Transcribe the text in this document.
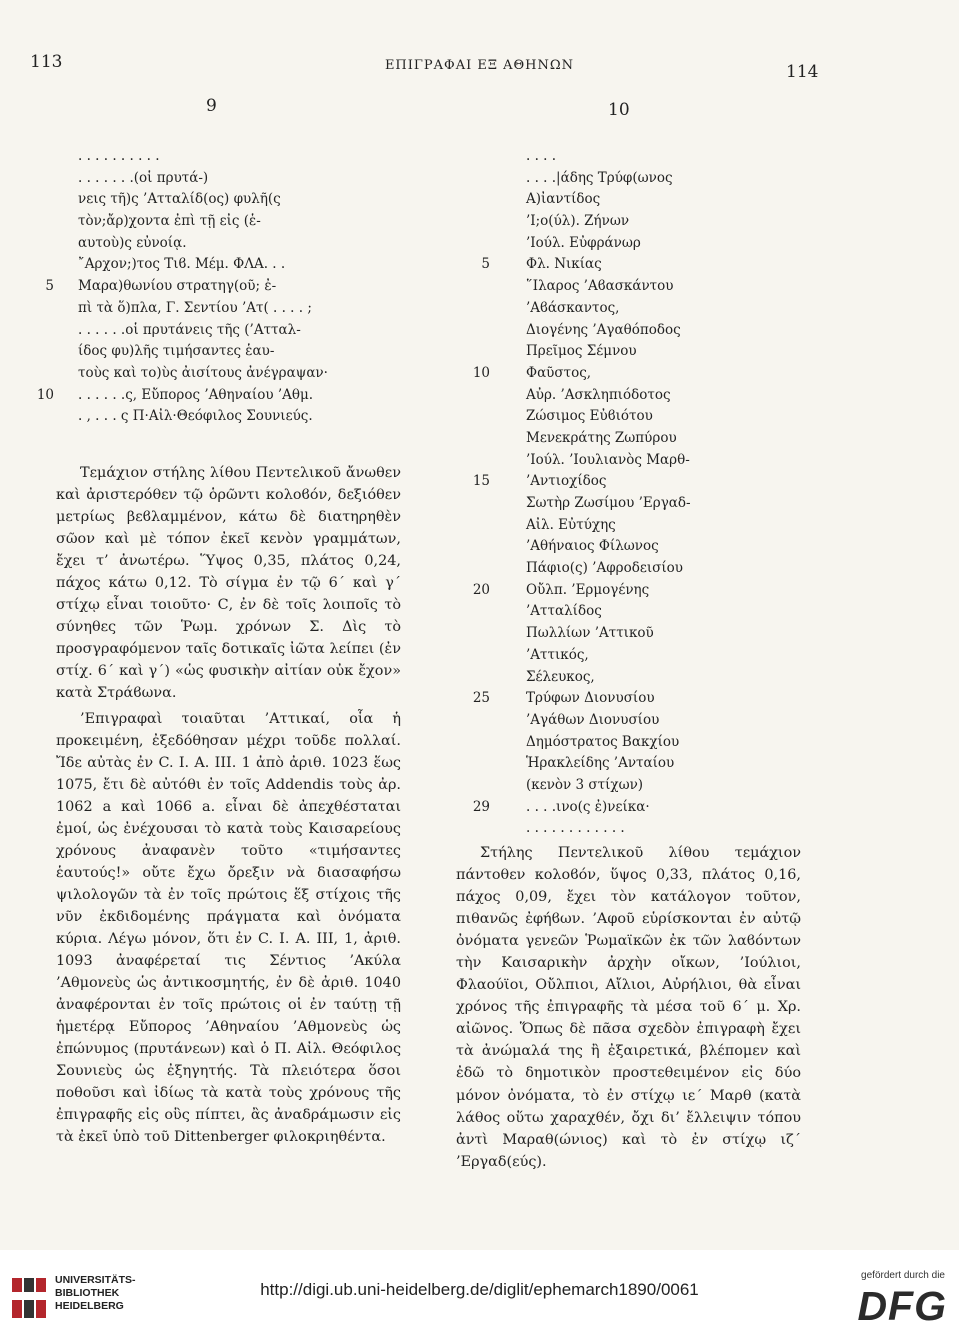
113	ΕΠΙΓΡΑΦΑΙ ΕΞ ΑΘΗΝΩΝ	114
9	10
. . . . . . . . . .
. . . . . . .(οἱ πρυτά-)
νεις τῆ)ς ’Ατταλίδ(ος) φυλῆ(ς
τὸν;ἄρ)χοντα ἐπὶ τῇ εἰς (ἑ-
αυτοὺ)ς εὐνοίᾳ.
῎Αρχον;)τος Τιϐ. Μέμ. ΦΛΑ. . .
5 Μαρα)θωνίου στρατηγ(οῦ; ἐ-
πὶ τὰ ὅ)πλα, Γ. Σεντίου ’Ατ( . . . . ;
. . . . . .οἱ πρυτάνεις τῆς (’Ατταλ-
ίδος φυ)λῆς τιμήσαντες ἑαυ-
τοὺς καὶ το)ὺς ἀισίτους ἀνέγραψαν·
10 . . . . . .ς, Εὔπορος ’Αθηναίου ’Αθμ.
. , . . . ς Π·Αἰλ·Θεόφιλος Σουνιεύς.
. . . .
. . . .|άδης Τρύφ(ωνος
Α)ἰαντίδος
’Ι;ο(ύλ). Ζήνων
’Ιούλ. Εὐφράνωρ
5	Φλ. Νικίας
῞Ιλαρος ’Αϐασκάντου
’Αϐάσκαντος,
Διογένης ’Αγαθόποδος
Πρεῖμος Σέμνου
10	Φαῦστος,
Αὐρ. ’Ασκληπιόδοτος
Ζώσιμος Εὐϐιότου
Μενεκράτης Ζωπύρου
’Ιούλ. ’Ιουλιανὸς Μαρθ-
15	’Αντιοχίδος
Σωτὴρ Ζωσίμου ’Εργαδ-
Αἰλ. Εὐτύχης
’Αθήναιος Φίλωνος
Πάφιο(ς) ’Αφροδεισίου
20	Οὔλπ. ’Ερμογένης
’Ατταλίδος
Πωλλίων ’Αττικοῦ
’Αττικός,
Σέλευκος,
25	Τρύφων Διονυσίου
’Αγάθων Διονυσίου
Δημόστρατος Βακχίου
Ἡρακλείδης ’Ανταίου
(κενὸν 3 στίχων)
29	. . . .ινο(ς ἐ)νείκα·
. . . . . . . . . . . .

Τεμάχιον στήλης λίθου Πεντελικοῦ ἄνωθεν καὶ ἀριστερόθεν τῷ ὁρῶντι κολοϐόν, δεξιόθεν μετρίως βεϐλαμμένον, κάτω δὲ διατηρηθὲν σῶον καὶ μὲ τόπον ἐκεῖ κενὸν γραμμάτων, ἔχει τ’ ἀνωτέρω. Ὕψος 0,35, πλάτος 0,24, πάχος κάτω 0,12. Τὸ σίγμα ἐν τῷ 6´ καὶ γ´ στίχῳ εἶναι τοιοῦτο· Ϲ, ἐν δὲ τοῖς λοιποῖς τὸ σύνηθες τῶν Ῥωμ. χρόνων Σ. Δὶς τὸ προσγραφόμενον ταῖς δοτικαῖς ἰῶτα λείπει (ἐν στίχ. 6´ καὶ γ´) «ὡς φυσικὴν αἰτίαν οὐκ ἔχον» κατὰ Στράϐωνα.

’Επιγραφαὶ τοιαῦται ’Αττικαί, οἷα ἡ προκειμένη, ἐξεδόθησαν μέχρι τοῦδε πολλαί. Ἴδε αὐτὰς ἐν C. I. A. III. 1 ἀπὸ ἀριθ. 1023 ἕως 1075, ἔτι δὲ αὐτόθι ἐν τοῖς Addendis τοὺς ἀρ. 1062 a καὶ 1066 a. εἶναι δὲ ἀπεχθέσταται ἐμοί, ὡς ἐνέχουσαι τὸ κατὰ τοὺς Καισαρείους χρόνους ἀναφανὲν τοῦτο «τιμήσαντες ἑαυτούς!» οὔτε ἔχω ὄρεξιν νὰ διασαφήσω ψιλολογῶν τὰ ἐν τοῖς πρώτοις ἕξ στίχοις τῆς νῦν ἐκδιδομένης πράγματα καὶ ὀνόματα κύρια. Λέγω μόνον, ὅτι ἐν C. I. A. III, 1, ἀριθ. 1093 ἀναφέρεταί τις Σέντιος ’Ακύλα ’Αθμονεὺς ὡς ἀντικοσμητής, ἐν δὲ ἀριθ. 1040 ἀναφέρονται ἐν τοῖς πρώτοις οἱ ἐν ταύτῃ τῇ ἡμετέρᾳ Εὔπορος ’Αθηναίου ’Αθμονεὺς ὡς ἐπώνυμος (πρυτάνεων) καὶ ὁ Π. Αἰλ. Θεόφιλος Σουνιεὺς ὡς ἐξηγητής. Τὰ πλειότερα ὅσοι ποθοῦσι καὶ ἰδίως τὰ κατὰ τοὺς χρόνους τῆς ἐπιγραφῆς εἰς οὓς πίπτει, ἂς ἀναδράμωσιν εἰς τὰ ἐκεῖ ὑπὸ τοῦ Dittenberger φιλοκριηθέντα.

Στήλης Πεντελικοῦ λίθου τεμάχιον πάντοθεν κολοϐόν, ὕψος 0,33, πλάτος 0,16, πάχος 0,09, ἔχει τὸν κατάλογον τοῦτον, πιθανῶς ἐφήϐων. ’Αφοῦ εὑρίσκονται ἐν αὐτῷ ὀνόματα γενεῶν Ῥωμαϊκῶν ἐκ τῶν λαϐόντων τὴν Καισαρικὴν ἀρχὴν οἴκων, ’Ιούλιοι, Φλαούϊοι, Οὔλπιοι, Αἴλιοι, Αὐρήλιοι, θὰ εἶναι χρόνος τῆς ἐπιγραφῆς τὰ μέσα τοῦ 6´ μ. Χρ. αἰῶνος. Ὅπως δὲ πᾶσα σχεδὸν ἐπιγραφὴ ἔχει τὰ ἀνώμαλά της ἢ ἐξαιρετικά, βλέπομεν καὶ ἐδῶ τὸ δημοτικὸν προστεθειμένον εἰς δύο μόνον ὀνόματα, τὸ ἐν στίχῳ ιε´ Μαρθ (κατὰ λάθος οὕτω χαραχθέν, ὄχι δι’ ἔλλειψιν τόπου ἀντὶ Μαραθ(ώνιος) καὶ τὸ ἐν στίχῳ ιζ´ ’Εργαδ(εύς).

UNIVERSITÄTS-
BIBLIOTHEK
HEIDELBERG
http://digi.ub.uni-heidelberg.de/diglit/ephemarch1890/0061
gefördert durch die
DFG
